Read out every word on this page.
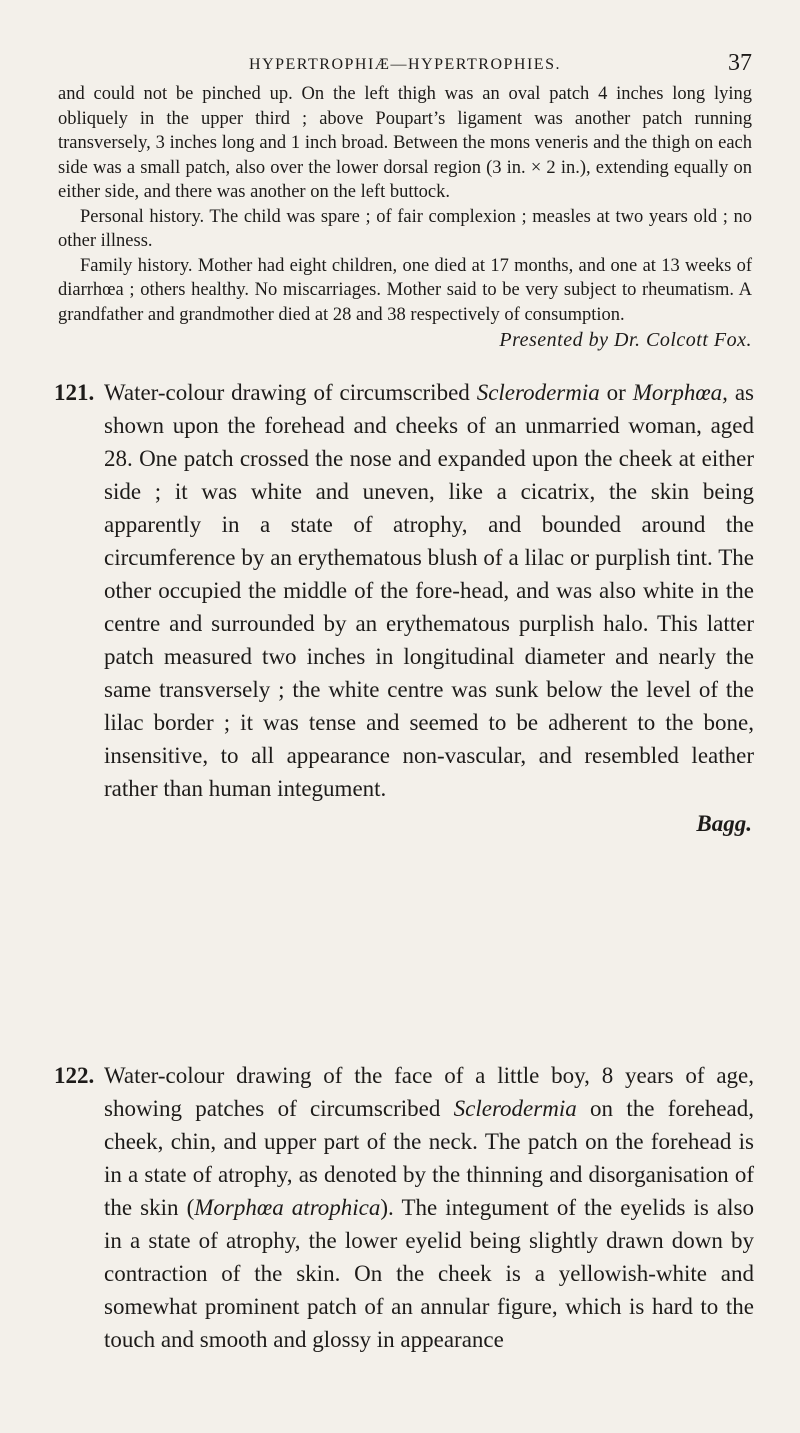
HYPERTROPHIÆ—HYPERTROPHIES.	37

and could not be pinched up. On the left thigh was an oval patch 4 inches long lying obliquely in the upper third ; above Poupart’s ligament was another patch running transversely, 3 inches long and 1 inch broad. Between the mons veneris and the thigh on each side was a small patch, also over the lower dorsal region (3 in. × 2 in.), extending equally on either side, and there was another on the left buttock.

Personal history. The child was spare ; of fair complexion ; measles at two years old ; no other illness.

Family history. Mother had eight children, one died at 17 months, and one at 13 weeks of diarrhœa ; others healthy. No miscarriages. Mother said to be very subject to rheumatism. A grandfather and grandmother died at 28 and 38 respectively of consumption.

Presented by Dr. Colcott Fox.

121. Water-colour drawing of circumscribed Sclerodermia or Morphœa, as shown upon the forehead and cheeks of an unmarried woman, aged 28. One patch crossed the nose and expanded upon the cheek at either side ; it was white and uneven, like a cicatrix, the skin being apparently in a state of atrophy, and bounded around the circumference by an erythematous blush of a lilac or purplish tint. The other occupied the middle of the fore-head, and was also white in the centre and surrounded by an erythematous purplish halo. This latter patch measured two inches in longitudinal diameter and nearly the same transversely ; the white centre was sunk below the level of the lilac border ; it was tense and seemed to be adherent to the bone, insensitive, to all appearance non-vascular, and resembled leather rather than human integument.

Bagg.
122. Water-colour drawing of the face of a little boy, 8 years of age, showing patches of circumscribed Sclerodermia on the forehead, cheek, chin, and upper part of the neck. The patch on the forehead is in a state of atrophy, as denoted by the thinning and disorganisation of the skin (Morphœa atrophica). The integument of the eyelids is also in a state of atrophy, the lower eyelid being slightly drawn down by contraction of the skin. On the cheek is a yellowish-white and somewhat prominent patch of an annular figure, which is hard to the touch and smooth and glossy in appearance
